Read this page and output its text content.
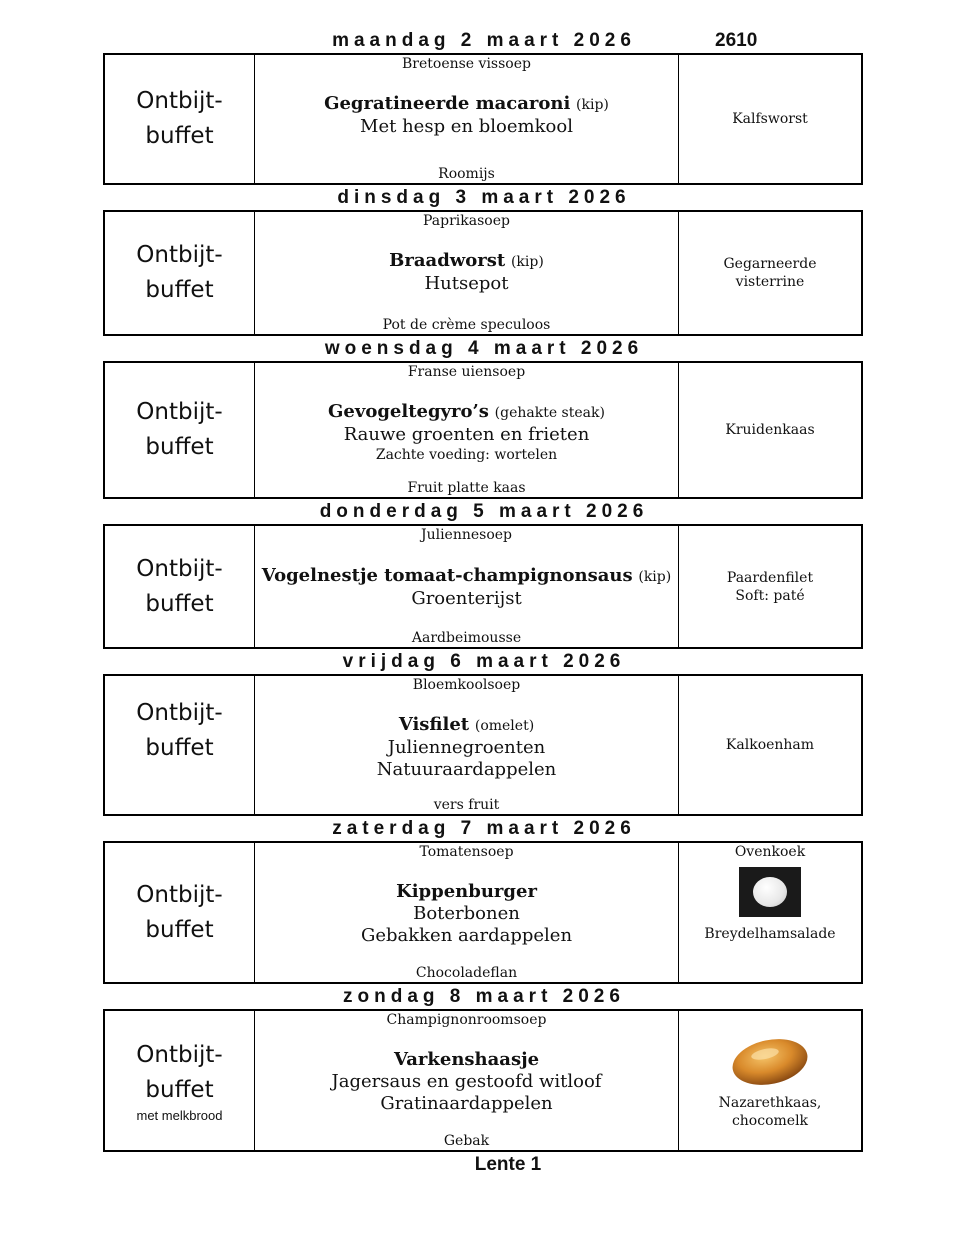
maandag 2 maart 2026	2610
Ontbijt-
buffet
Bretoense vissoep
Gegratineerde macaroni (kip)
Met hesp en bloemkool
Roomijs
Kalfsworst
dinsdag 3 maart 2026
Ontbijt-
buffet
Paprikasoep
Braadworst (kip)
Hutsepot
Pot de crème speculoos
Gegarneerde
visterrine
woensdag 4 maart 2026
Ontbijt-
buffet
Franse uiensoep
Gevogeltegyro’s (gehakte steak)
Rauwe groenten en frieten
Zachte voeding: wortelen
Fruit platte kaas
Kruidenkaas
donderdag 5 maart 2026
Ontbijt-
buffet
Juliennesoep
Vogelnestje tomaat-champignonsaus (kip)
Groenterijst
Aardbeimousse
Paardenfilet
Soft: paté
vrijdag 6 maart 2026
Ontbijt-
buffet
Bloemkoolsoep
Visfilet (omelet)
Juliennegroenten
Natuuraardappelen
vers fruit
Kalkoenham
zaterdag 7 maart 2026
Ontbijt-
buffet
Tomatensoep
Kippenburger
Boterbonen
Gebakken aardappelen
Chocoladeflan
Ovenkoek
Breydelhamsalade
zondag 8 maart 2026
Ontbijt-
buffet
met melkbrood
Champignonroomsoep
Varkenshaasje
Jagersaus en gestoofd witloof
Gratinaardappelen
Gebak
Nazarethkaas,
chocomelk
Lente 1
